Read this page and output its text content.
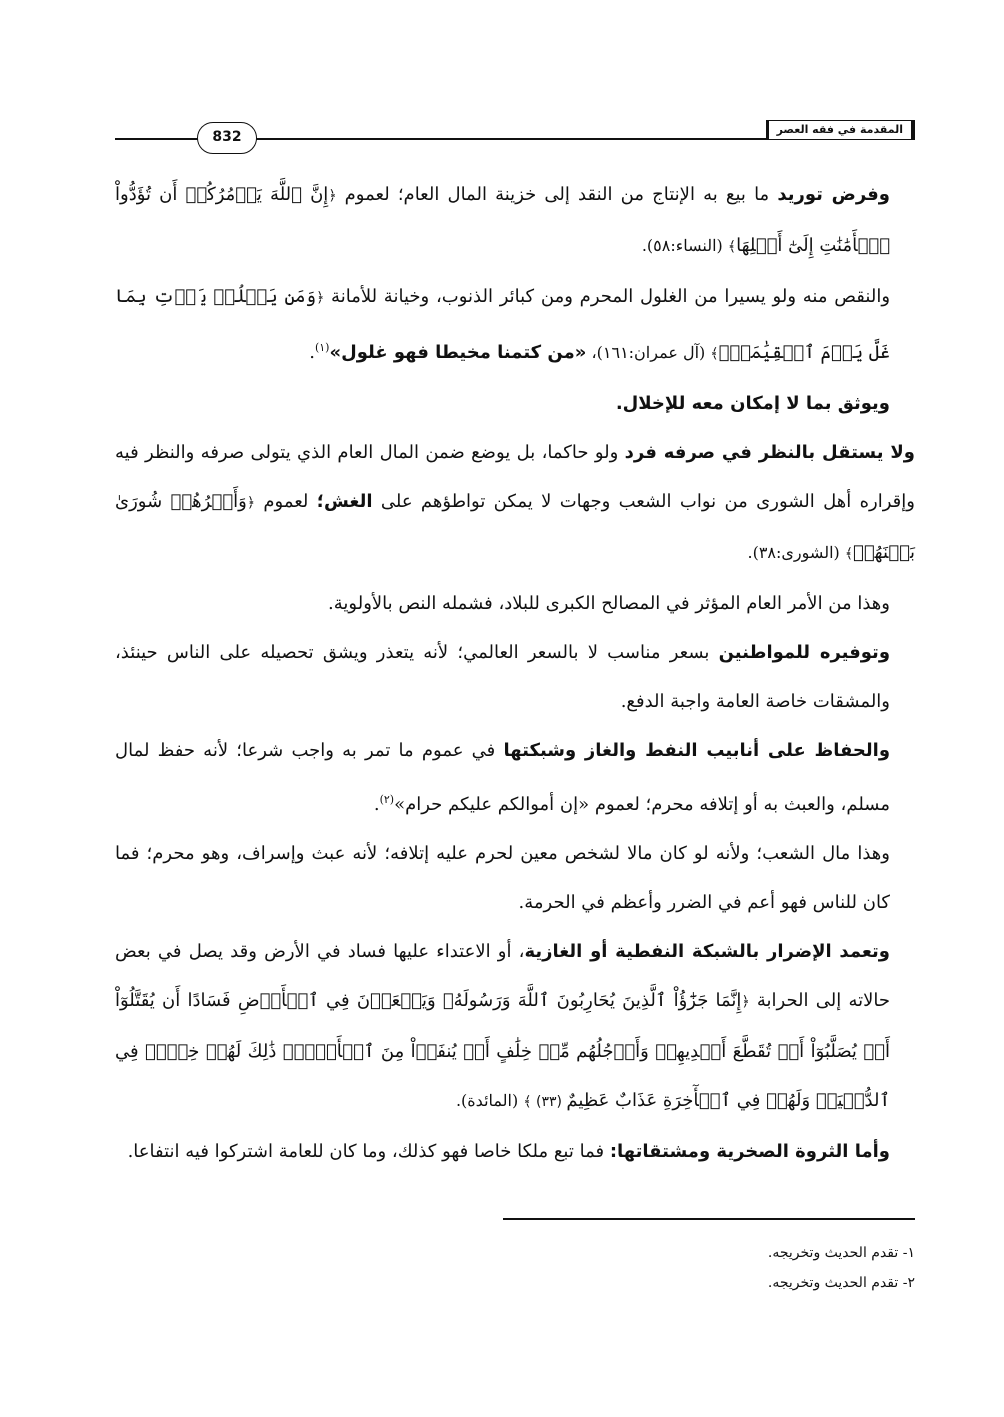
المقدمة في فقه العصر
832

وفرض توريد ما بيع به الإنتاج من النقد إلى خزينة المال العام؛ لعموم ﴿إِنَّ ٱللَّهَ يَأۡمُرُكُمۡ أَن تُؤَدُّواْ ٱلۡأَمَٰنَٰتِ إِلَىٰٓ أَهۡلِهَا﴾ (النساء:٥٨).

والنقص منه ولو يسيرا من الغلول المحرم ومن كبائر الذنوب، وخيانة للأمانة ﴿وَمَن يَغۡلُلۡ يَأۡتِ بِمَا غَلَّ يَوۡمَ ٱلۡقِيَٰمَةِۚ﴾ (آل عمران:١٦١)، «من كتمنا مخيطا فهو غلول»$^{(١)}$.

ويوثق بما لا إمكان معه للإخلال.

ولا يستقل بالنظر في صرفه فرد ولو حاكما، بل يوضع ضمن المال العام الذي يتولى صرفه والنظر فيه وإقراره أهل الشورى من نواب الشعب وجهات لا يمكن تواطؤهم على الغش؛ لعموم ﴿وَأَمۡرُهُمۡ شُورَىٰ بَيۡنَهُمۡ﴾ (الشورى:٣٨).

وهذا من الأمر العام المؤثر في المصالح الكبرى للبلاد، فشمله النص بالأولوية.

وتوفيره للمواطنين بسعر مناسب لا بالسعر العالمي؛ لأنه يتعذر ويشق تحصيله على الناس حينئذ، والمشقات خاصة العامة واجبة الدفع.

والحفاظ على أنابيب النفط والغاز وشبكتها في عموم ما تمر به واجب شرعا؛ لأنه حفظ لمال مسلم، والعبث به أو إتلافه محرم؛ لعموم «إن أموالكم عليكم حرام»$^{(٢)}$.

وهذا مال الشعب؛ ولأنه لو كان مالا لشخص معين لحرم عليه إتلافه؛ لأنه عبث وإسراف، وهو محرم؛ فما كان للناس فهو أعم في الضرر وأعظم في الحرمة.

وتعمد الإضرار بالشبكة النفطية أو الغازية، أو الاعتداء عليها فساد في الأرض وقد يصل في بعض حالاته إلى الحرابة ﴿إِنَّمَا جَزَٰٓؤُاْ ٱلَّذِينَ يُحَارِبُونَ ٱللَّهَ وَرَسُولَهُۥ وَيَسۡعَوۡنَ فِي ٱلۡأَرۡضِ فَسَادًا أَن يُقَتَّلُوٓاْ أَوۡ يُصَلَّبُوٓاْ أَوۡ تُقَطَّعَ أَيۡدِيهِمۡ وَأَرۡجُلُهُم مِّنۡ خِلَٰفٍ أَوۡ يُنفَوۡاْ مِنَ ٱلۡأَرۡضِۚ ذَٰلِكَ لَهُمۡ خِزۡيٞ فِي ٱلدُّنۡيَاۖ وَلَهُمۡ فِي ٱلۡأٓخِرَةِ عَذَابٌ عَظِيمٌ (٣٣) ﴾ (المائدة).

وأما الثروة الصخرية ومشتقاتها: فما تبع ملكا خاصا فهو كذلك، وما كان للعامة اشتركوا فيه انتفاعا.

١- تقدم الحديث وتخريجه.
٢- تقدم الحديث وتخريجه.
